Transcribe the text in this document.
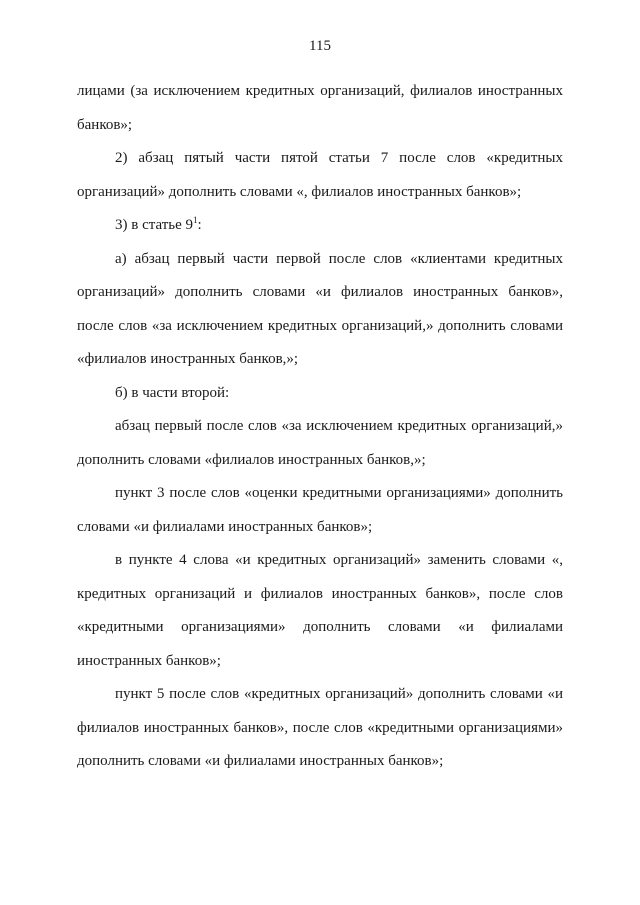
115

лицами (за исключением кредитных организаций, филиалов иностранных банков»;

2) абзац пятый части пятой статьи 7 после слов «кредитных организаций» дополнить словами «, филиалов иностранных банков»;

3) в статье $9^1$:

а) абзац первый части первой после слов «клиентами кредитных организаций» дополнить словами «и филиалов иностранных банков», после слов «за исключением кредитных организаций,» дополнить словами «филиалов иностранных банков,»;

б) в части второй:

абзац первый после слов «за исключением кредитных организаций,» дополнить словами «филиалов иностранных банков,»;

пункт 3 после слов «оценки кредитными организациями» дополнить словами «и филиалами иностранных банков»;

в пункте 4 слова «и кредитных организаций» заменить словами «, кредитных организаций и филиалов иностранных банков», после слов «кредитными организациями» дополнить словами «и филиалами иностранных банков»;

пункт 5 после слов «кредитных организаций» дополнить словами «и филиалов иностранных банков», после слов «кредитными организациями» дополнить словами «и филиалами иностранных банков»;
